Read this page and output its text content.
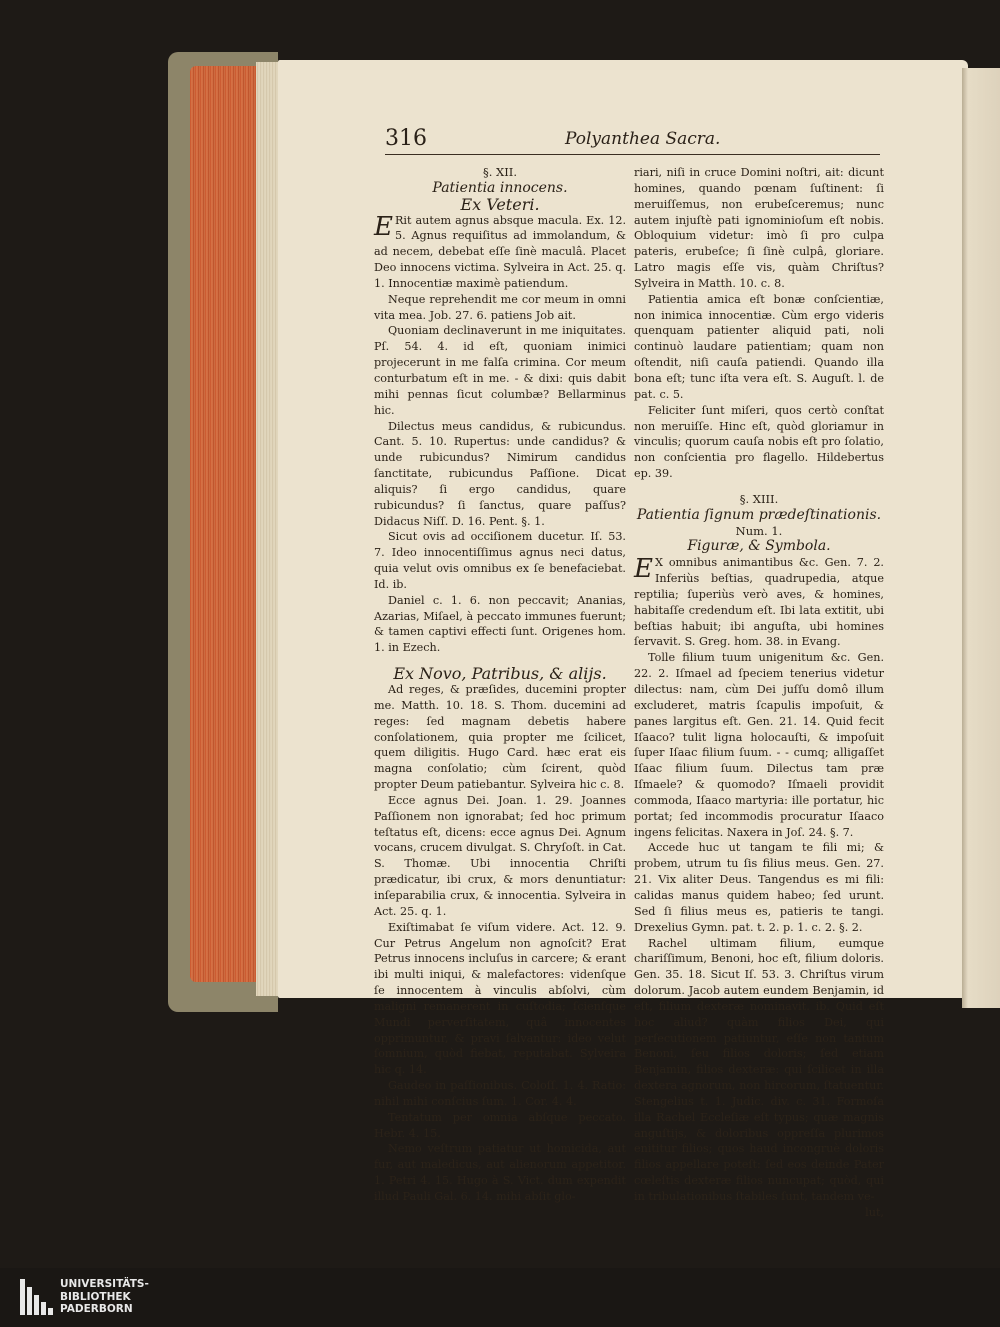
316	Polyanthea Sacra.

§. XII.

Patientia innocens.

Ex Veteri.

E Rit autem agnus absque macula. Ex. 12. 5. Agnus requiſitus ad immolandum, & ad necem, debebat eſſe ſinè maculâ. Placet Deo innocens victima. Sylveira in Act. 25. q. 1. Innocentiæ maximè patiendum.

Neque reprehendit me cor meum in omni vita mea. Job. 27. 6. patiens Job ait.

Quoniam declinaverunt in me iniquitates. Pſ. 54. 4. id eſt, quoniam inimici projecerunt in me falſa crimina. Cor meum conturbatum eſt in me. - & dixi: quis dabit mihi pennas ſicut columbæ? Bellarminus hic.

Dilectus meus candidus, & rubicundus. Cant. 5. 10. Rupertus: unde candidus? & unde rubicundus? Nimirum candidus ſanctitate, rubicundus Paſſione. Dicat aliquis? ſi ergo candidus, quare rubicundus? ſi ſanctus, quare paſſus? Didacus Niſſ. D. 16. Pent. §. 1.

Sicut ovis ad occiſionem ducetur. Iſ. 53. 7. Ideo innocentiſſimus agnus neci datus, quia velut ovis omnibus ex ſe benefaciebat. Id. ib.

Daniel c. 1. 6. non peccavit; Ananias, Azarias, Miſael, à peccato immunes fuerunt; & tamen captivi effecti ſunt. Origenes hom. 1. in Ezech.

Ex Novo, Patribus, & alijs.

Ad reges, & præſides, ducemini propter me. Matth. 10. 18. S. Thom. ducemini ad reges: ſed magnam debetis habere conſolationem, quia propter me ſcilicet, quem diligitis. Hugo Card. hæc erat eis magna conſolatio; cùm ſcirent, quòd propter Deum patiebantur. Sylveira hic c. 8.

Ecce agnus Dei. Joan. 1. 29. Joannes Paſſionem non ignorabat; ſed hoc primum teſtatus eſt, dicens: ecce agnus Dei. Agnum vocans, crucem divulgat. S. Chryſoſt. in Cat. S. Thomæ. Ubi innocentia Chriſti prædicatur, ibi crux, & mors denuntiatur: inſeparabilia crux, & innocentia. Sylveira in Act. 25. q. 1.

Exiſtimabat ſe viſum videre. Act. 12. 9. Cur Petrus Angelum non agnoſcit? Erat Petrus innocens incluſus in carcere; & erant ibi multi iniqui, & malefactores: videnſque ſe innocentem à vinculis abſolvi, cùm maligni remanerent in cuſtodia; ſcienſque Mundi perverſitatem, quâ innocentes opprimuntur, & pravi ſalvantur: ideo velut ſomnium, quòd fiebat, reputabat. Sylveira hic q. 14.

Gaudeo in paſſionibus. Coloſſ. 1. 4. Ratio: nihil mihi conſcius ſum. 1. Cor. 4. 4.

Tentatum per omnia abſque peccato. Hebr. 4. 15.

Nemo veſtrum patiatur ut homicida, aut fur, aut maledicus, aut alienorum appetitor. 1. Petri 4. 15. Hugo à S. Vict. dum expendit illud Pauli Gal. 6. 14. mihi abſit glo-

riari, niſi in cruce Domini noſtri, ait: dicunt homines, quando pœnam ſuſtinent: ſi meruiſſemus, non erubeſceremus; nunc autem injuſtè pati ignominioſum eſt nobis. Obloquium videtur: imò ſi pro culpa pateris, erubeſce; ſi ſinè culpâ, gloriare. Latro magis eſſe vis, quàm Chriſtus? Sylveira in Matth. 10. c. 8.

Patientia amica eſt bonæ conſcientiæ, non inimica innocentiæ. Cùm ergo videris quenquam patienter aliquid pati, noli continuò laudare patientiam; quam non oſtendit, niſi cauſa patiendi. Quando illa bona eſt; tunc iſta vera eſt. S. Auguſt. l. de pat. c. 5.

Feliciter ſunt miſeri, quos certò conſtat non meruiſſe. Hinc eſt, quòd gloriamur in vinculis; quorum cauſa nobis eſt pro ſolatio, non conſcientia pro flagello. Hildebertus ep. 39.

§. XIII.

Patientia ſignum prædeſtinationis.

Num. 1.

Figuræ, & Symbola.

E X omnibus animantibus &c. Gen. 7. 2. Inferiùs beſtias, quadrupedia, atque reptilia; ſuperiùs verò aves, & homines, habitaſſe credendum eſt. Ibi lata extitit, ubi beſtias habuit; ibi anguſta, ubi homines ſervavit. S. Greg. hom. 38. in Evang.

Tolle filium tuum unigenitum &c. Gen. 22. 2. Iſmael ad ſpeciem tenerius videtur dilectus: nam, cùm Dei juſſu domô illum excluderet, matris ſcapulis impoſuit, & panes largitus eſt. Gen. 21. 14. Quid fecit Iſaaco? tulit ligna holocauſti, & impoſuit ſuper Iſaac filium ſuum. - - cumq; alligaſſet Iſaac filium ſuum. Dilectus tam præ Iſmaele? & quomodo? Iſmaeli providit commoda, Iſaaco martyria: ille portatur, hic portat; ſed incommodis procuratur Iſaaco ingens felicitas. Naxera in Joſ. 24. §. 7.

Accede huc ut tangam te fili mi; & probem, utrum tu ſis filius meus. Gen. 27. 21. Vix aliter Deus. Tangendus es mi fili: calidas manus quidem habeo; ſed urunt. Sed ſi filius meus es, patieris te tangi. Drexelius Gymn. pat. t. 2. p. 1. c. 2. §. 2.

Rachel ultimam filium, eumque chariſſimum, Benoni, hoc eſt, filium doloris. Gen. 35. 18. Sicut Iſ. 53. 3. Chriſtus virum dolorum. Jacob autem eundem Benjamin, id eſt, filium dexteræ nominavit. ib. Quid eſt hoc aliud? quàm filios Dei, qui perſecutionem patiuntur, eſſe non tantum Benoni, ſeu filios doloris; ſed etiam Benjamin, filios dexteræ: qui ſcilicet in illa dextera agnorum, non hircorum, ſtatuentur. Stengelius t. 1. Judic. div. c. 31. Formoſa illa Rachel Eccleſiæ eſt typus; quæ magnis anguſtijs, & doloribus oppreſſa plurimos enititur filios; quos haud incongruè doloris filios appellare poteſt: ſed eos deinde Pater cœleſtis dexteræ filios nuncupat; quòd, qui in tribulationibus ſtabiles ſunt, tandem ve-

lut,

UNIVERSITÄTS-
BIBLIOTHEK
PADERBORN
